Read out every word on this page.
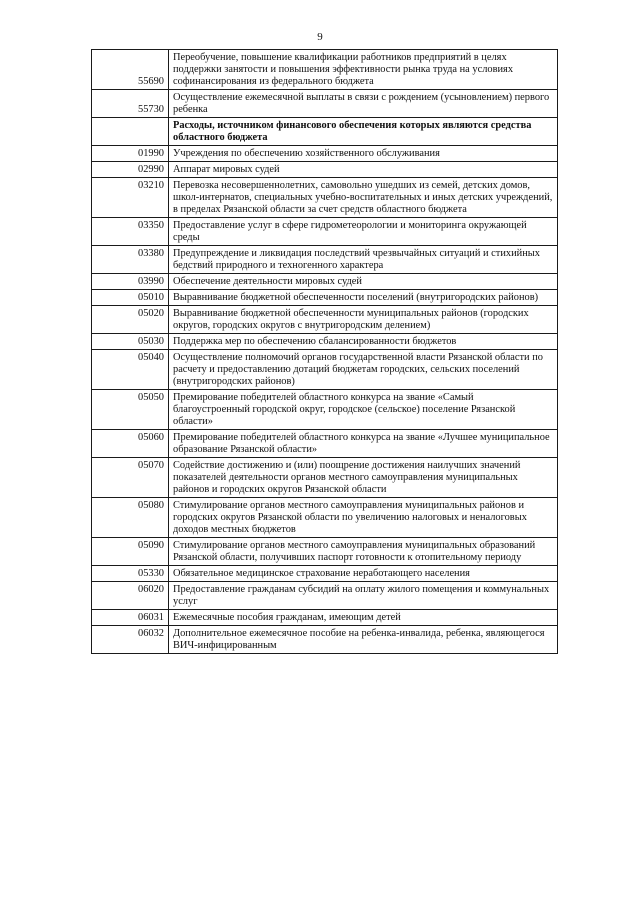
9
55690	Переобучение, повышение квалификации работников предприятий в целях поддержки занятости и повышения эффективности рынка труда на условиях софинансирования из федерального бюджета
55730	Осуществление ежемесячной выплаты в связи с рождением (усыновлением) первого ребенка
	Расходы, источником финансового обеспечения которых являются средства областного бюджета
01990	Учреждения по обеспечению хозяйственного обслуживания
02990	Аппарат мировых судей
03210	Перевозка несовершеннолетних, самовольно ушедших из семей, детских домов, школ-интернатов, специальных учебно-воспитательных и иных детских учреждений, в пределах Рязанской области за счет средств областного бюджета
03350	Предоставление услуг в сфере гидрометеорологии и мониторинга окружающей среды
03380	Предупреждение и ликвидация последствий чрезвычайных ситуаций и стихийных бедствий природного и техногенного характера
03990	Обеспечение деятельности мировых судей
05010	Выравнивание бюджетной обеспеченности поселений (внутригородских районов)
05020	Выравнивание бюджетной обеспеченности муниципальных районов (городских округов, городских округов с внутригородским делением)
05030	Поддержка мер по обеспечению сбалансированности бюджетов
05040	Осуществление полномочий органов государственной власти Рязанской области по расчету и предоставлению дотаций бюджетам городских, сельских поселений (внутригородских районов)
05050	Премирование победителей областного конкурса на звание «Самый благоустроенный городской округ, городское (сельское) поселение Рязанской области»
05060	Премирование победителей областного конкурса на звание «Лучшее муниципальное образование Рязанской области»
05070	Содействие достижению и (или) поощрение достижения наилучших значений показателей деятельности органов местного самоуправления муниципальных районов и городских округов Рязанской области
05080	Стимулирование органов местного самоуправления муниципальных районов и городских округов Рязанской области по увеличению налоговых и неналоговых доходов местных бюджетов
05090	Стимулирование органов местного самоуправления муниципальных образований Рязанской области, получивших паспорт готовности к отопительному периоду
05330	Обязательное медицинское страхование неработающего населения
06020	Предоставление гражданам субсидий на оплату жилого помещения и коммунальных услуг
06031	Ежемесячные пособия гражданам, имеющим детей
06032	Дополнительное ежемесячное пособие на ребенка-инвалида, ребенка, являющегося ВИЧ-инфицированным
